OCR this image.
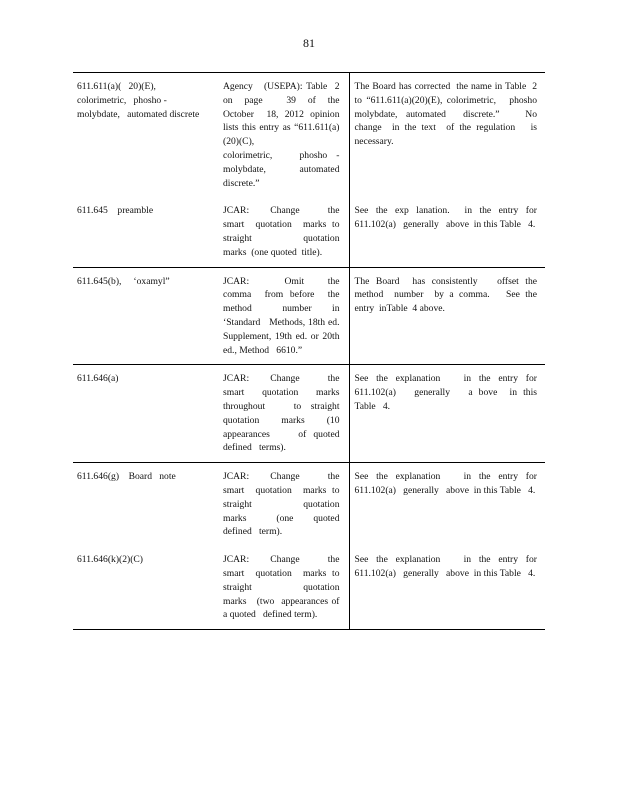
81
611.611(a)(   20)(E), colorimetric,   phosho - molybdate,   automated discrete	Agency   (USEPA): Table  2 on page  39 of the October  18, 2012 opinion lists this entry as “611.611(a)(20)(C), colorimetric,   phosho - molybdate,   automated discrete.”	The Board has corrected  the name in Table  2 to “611.611(a)(20)(E), colorimetric,   phosho molybdate, automated  discrete.”   No change  in the text  of the regulation   is necessary.
611.645    preamble	JCAR:   Change    the smart  quotation  marks to straight  quotation marks  (one quoted  title).	See the exp lanation.  in the entry for 611.102(a)   generally   above  in this Table   4.
611.645(b),     ‘oxamyl”	JCAR:   Omit  the comma  from before  the method   number  in ‘Standard   Methods, 18th ed. Supplement, 19th ed. or 20th ed., Method   6610.”	The Board  has consistently   offset the method  number  by a comma.   See the entry  inTable  4 above.
611.646(a)	JCAR:   Change    the smart  quotation  marks throughout   to straight quotation   marks   (10 appearances    of quoted defined   terms).	See the explanation   in the entry for 611.102(a)   generally   a bove  in this Table   4.
611.646(g)    Board   note	JCAR:   Change    the smart  quotation  marks to straight  quotation marks   (one  quoted defined   term).	See the explanation   in the entry for 611.102(a)   generally   above  in this Table   4.
611.646(k)(2)(C)	JCAR:   Change    the smart  quotation  marks to straight  quotation marks   (two  appearances of a quoted   defined term).	See the explanation   in the entry for 611.102(a)   generally   above  in this Table   4.
